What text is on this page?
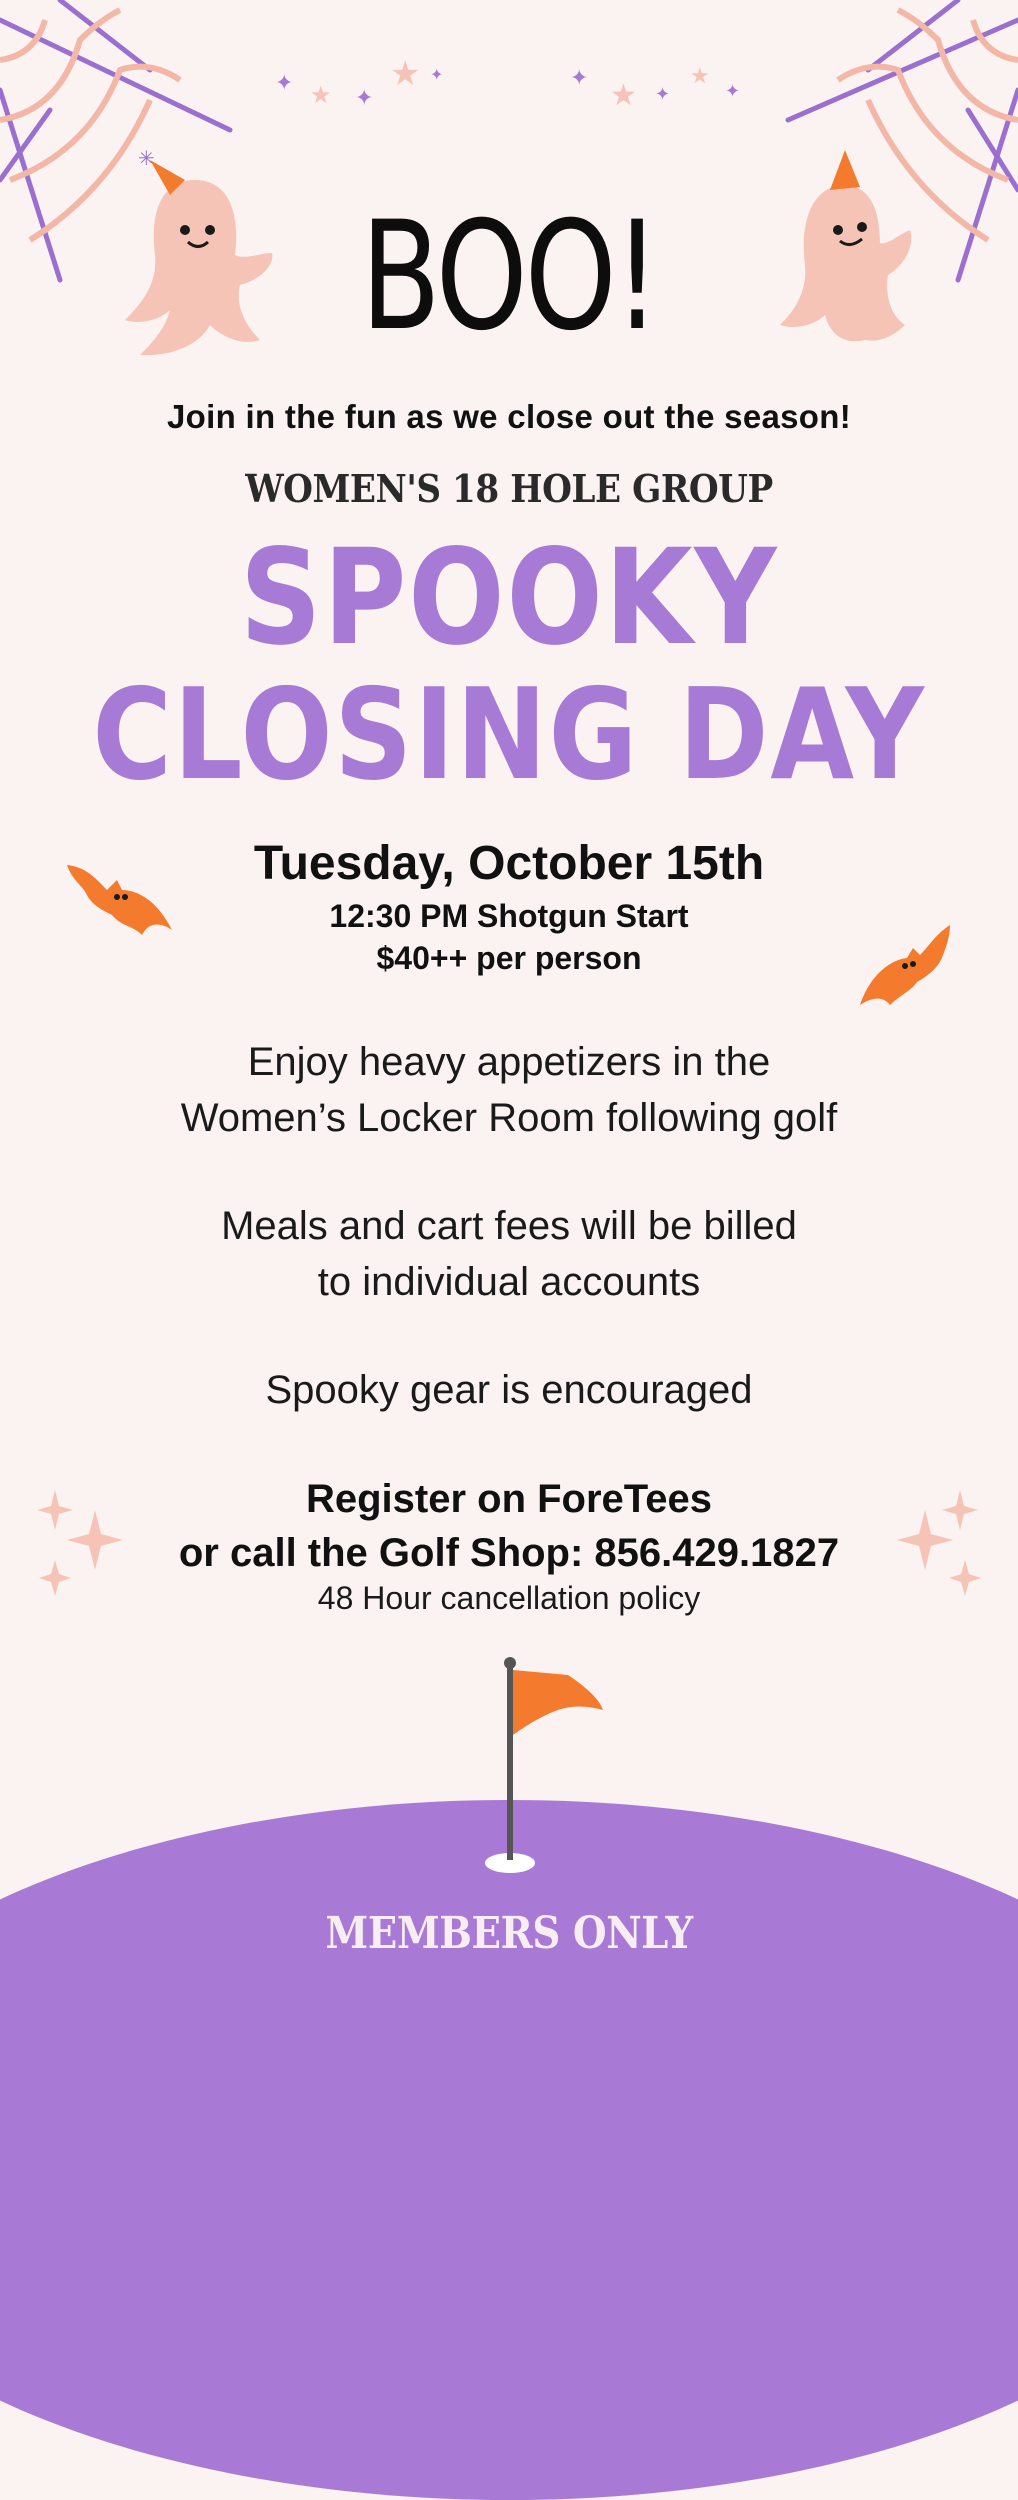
✦
✦
✦
★
★	✦
✦	✦
★
★
✳
BOO!
Join in the fun as we close out the season!
WOMEN'S 18 HOLE GROUP
SPOOKY
CLOSING DAY
Tuesday, October 15th
12:30 PM Shotgun Start
$40++ per person
Enjoy heavy appetizers in the
Women’s Locker Room following golf
Meals and cart fees will be billed
to individual accounts
Spooky gear is encouraged
Register on ForeTees
or call the Golf Shop: 856.429.1827
48 Hour cancellation policy
MEMBERS ONLY
